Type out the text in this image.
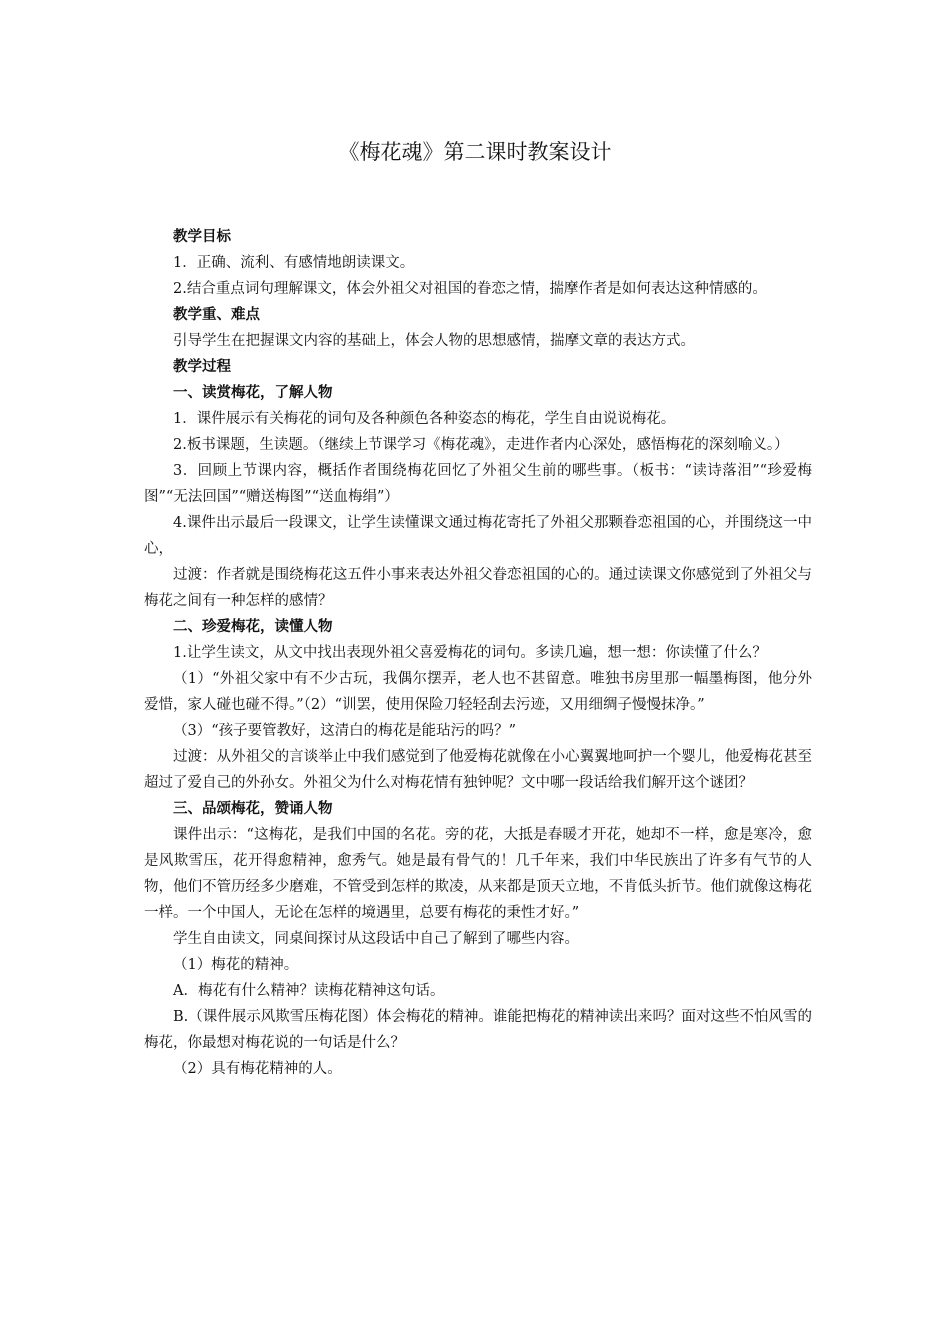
《梅花魂》第二课时教案设计

教学目标

1．正确、流利、有感情地朗读课文。

2.结合重点词句理解课文，体会外祖父对祖国的眷恋之情，揣摩作者是如何表达这种情感的。

教学重、难点

引导学生在把握课文内容的基础上，体会人物的思想感情，揣摩文章的表达方式。

教学过程

一、读赏梅花，了解人物

1．课件展示有关梅花的词句及各种颜色各种姿态的梅花，学生自由说说梅花。

2.板书课题，生读题。（继续上节课学习《梅花魂》，走进作者内心深处，感悟梅花的深刻喻义。）

3．回顾上节课内容，概括作者围绕梅花回忆了外祖父生前的哪些事。（板书：“读诗落泪”“珍爱梅图”“无法回国”“赠送梅图”“送血梅绢”）

4.课件出示最后一段课文，让学生读懂课文通过梅花寄托了外祖父那颗眷恋祖国的心，并围绕这一中心，

过渡：作者就是围绕梅花这五件小事来表达外祖父眷恋祖国的心的。通过读课文你感觉到了外祖父与梅花之间有一种怎样的感情？

二、珍爱梅花，读懂人物

1.让学生读文，从文中找出表现外祖父喜爱梅花的词句。多读几遍，想一想：你读懂了什么？

（1）“外祖父家中有不少古玩，我偶尔摆弄，老人也不甚留意。唯独书房里那一幅墨梅图，他分外爱惜，家人碰也碰不得。”（2）“训罢，使用保险刀轻轻刮去污迹，又用细绸子慢慢抹净。”

（3）“孩子要管教好，这清白的梅花是能玷污的吗？”

过渡：从外祖父的言谈举止中我们感觉到了他爱梅花就像在小心翼翼地呵护一个婴儿，他爱梅花甚至超过了爱自己的外孙女。外祖父为什么对梅花情有独钟呢？文中哪一段话给我们解开这个谜团？

三、品颂梅花，赞诵人物

课件出示：“这梅花，是我们中国的名花。旁的花，大抵是春暖才开花，她却不一样，愈是寒冷，愈是风欺雪压，花开得愈精神，愈秀气。她是最有骨气的！几千年来，我们中华民族出了许多有气节的人物，他们不管历经多少磨难，不管受到怎样的欺凌，从来都是顶天立地，不肯低头折节。他们就像这梅花一样。一个中国人，无论在怎样的境遇里，总要有梅花的秉性才好。”

学生自由读文，同桌间探讨从这段话中自己了解到了哪些内容。

（1）梅花的精神。

A．梅花有什么精神？读梅花精神这句话。

B.（课件展示风欺雪压梅花图）体会梅花的精神。谁能把梅花的精神读出来吗？面对这些不怕风雪的梅花，你最想对梅花说的一句话是什么？

（2）具有梅花精神的人。
